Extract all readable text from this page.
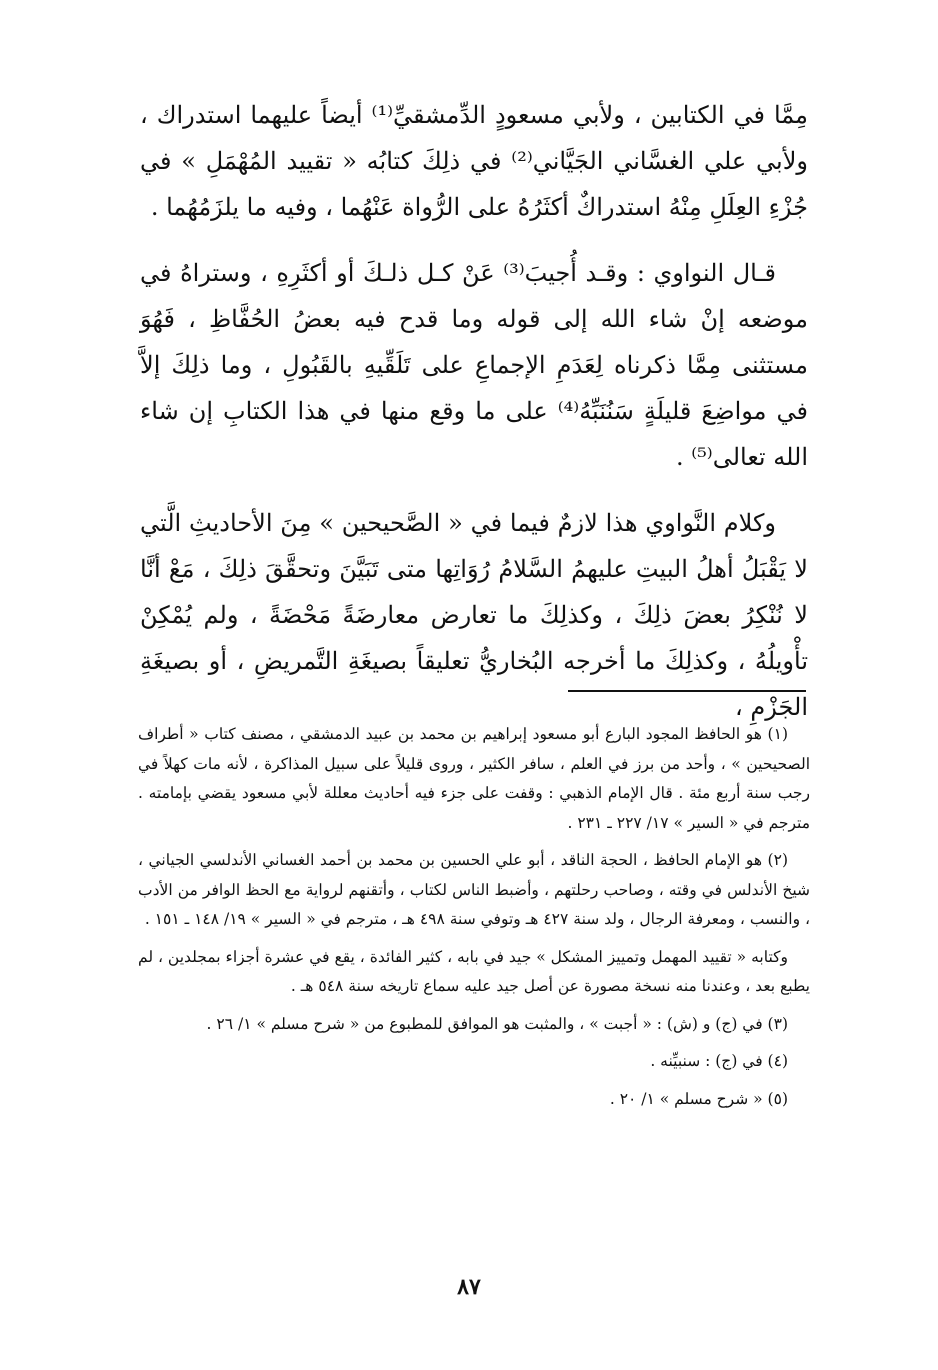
مِمَّا في الكتابين ، ولأبي مسعودٍ الدِّمشقيِّ⁽¹⁾ أيضاً عليهما استدراك ، ولأبي علي الغسَّاني الجَيَّاني⁽²⁾ في ذلِكَ كتابُه « تقييد المُهْمَلِ » في جُزْءِ العِلَلِ مِنْهُ استدراكٌ أكثَرُهُ على الرُّواة عَنْهُما ، وفيه ما يلزَمُهُما .

قـال النواوي : وقـد أُجيبَ⁽³⁾ عَنْ كـل ذلـكَ أو أكثَرِهِ ، وستراهُ في موضعه إنْ شاء الله إلى قوله وما قدح فيه بعضُ الحُفَّاظِ ، فَهُوَ مستثنى مِمَّا ذكرناه لِعَدَمِ الإجماعِ على تَلَقِّيهِ بالقَبُولِ ، وما ذلِكَ إلاَّ في مواضِعَ قليلَةٍ سَنُنَبِّهُ⁽⁴⁾ على ما وقع منها في هذا الكتابِ إن شاء الله تعالى⁽⁵⁾ .

وكلام النَّواوي هذا لازمٌ فيما في « الصَّحيحين » مِنَ الأحاديثِ الَّتي لا يَقْبَلُ أهلُ البيتِ عليهمُ السَّلامُ رُوَاتِها متى تَبَيَّنَ وتحقَّقَ ذلِكَ ، مَعْ أنَّا لا نُنْكِرُ بعضَ ذلِكَ ، وكذلِكَ ما تعارض معارضَةً مَحْضَةً ، ولم يُمْكِنْ تأْويلُهُ ، وكذلِكَ ما أخرجه البُخاريُّ تعليقاً بصيغَةِ التَّمريضِ ، أو بصيغَةِ الجَزْمِ ،

(١) هو الحافظ المجود البارع أبو مسعود إبراهيم بن محمد بن عبيد الدمشقي ، مصنف كتاب « أطراف الصحيحين » ، وأحد من برز في العلم ، سافر الكثير ، وروى قليلاً على سبيل المذاكرة ، لأنه مات كهلاً في رجب سنة أربع مئة . قال الإمام الذهبي : وقفت على جزء فيه أحاديث معللة لأبي مسعود يقضي بإمامته . مترجم في « السير » ١٧/ ٢٢٧ ـ ٢٣١ .

(٢) هو الإمام الحافظ ، الحجة الناقد ، أبو علي الحسين بن محمد بن أحمد الغساني الأندلسي الجياني ، شيخ الأندلس في وقته ، وصاحب رحلتهم ، وأضبط الناس لكتاب ، وأتقنهم لرواية مع الحظ الوافر من الأدب ، والنسب ، ومعرفة الرجال ، ولد سنة ٤٢٧ هـ وتوفي سنة ٤٩٨ هـ ، مترجم في « السير » ١٩/ ١٤٨ ـ ١٥١ .

وكتابه « تقييد المهمل وتمييز المشكل » جيد في بابه ، كثير الفائدة ، يقع في عشرة أجزاء بمجلدين ، لم يطبع بعد ، وعندنا منه نسخة مصورة عن أصل جيد عليه سماع تاريخه سنة ٥٤٨ هـ .

(٣) في (ج) و (ش) : « أجبت » ، والمثبت هو الموافق للمطبوع من « شرح مسلم » ١/ ٢٦ .

(٤) في (ج) : سنبيِّنه .

(٥) « شرح مسلم » ١/ ٢٠ .

٨٧
